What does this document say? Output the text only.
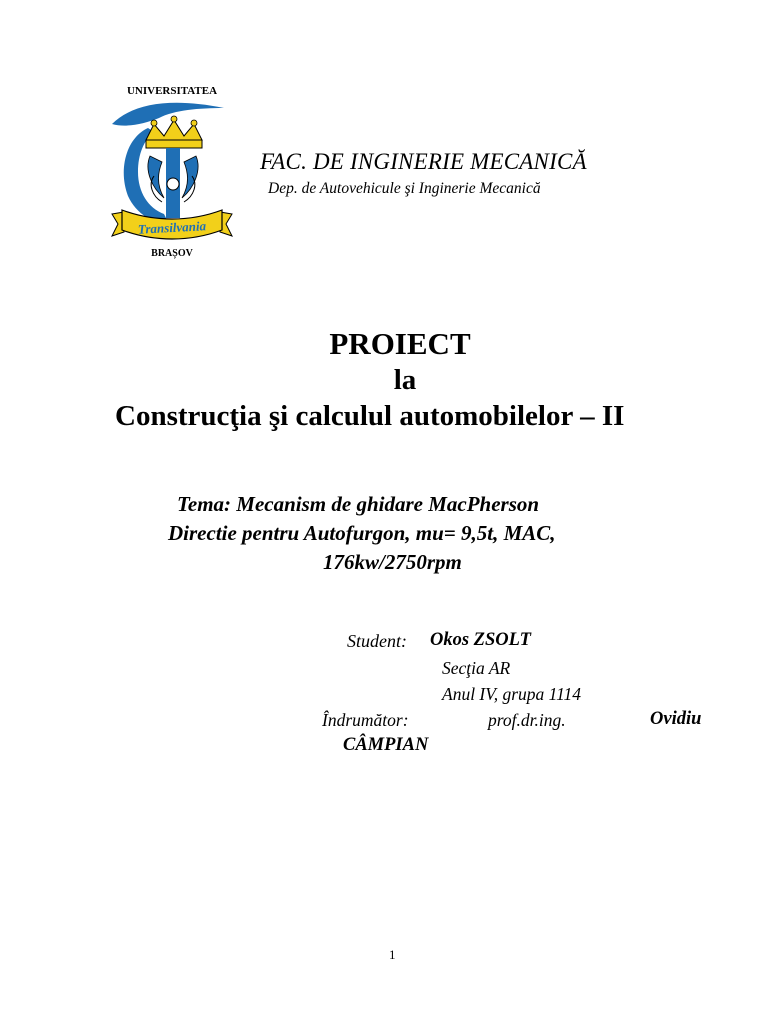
UNIVERSITATEA
Transilvania
BRAȘOV
FAC. DE INGINERIE MECANICĂ
Dep. de Autovehicule şi Inginerie Mecanică
PROIECT
la
Construcţia şi calculul automobilelor – II
Tema: Mecanism de ghidare MacPherson
Directie pentru Autofurgon, mu= 9,5t, MAC,
176kw/2750rpm
Student: Okos ZSOLT
Secţia AR
Anul IV, grupa 1114
Îndrumător:	prof.dr.ing.	Ovidiu
CÂMPIAN
1
